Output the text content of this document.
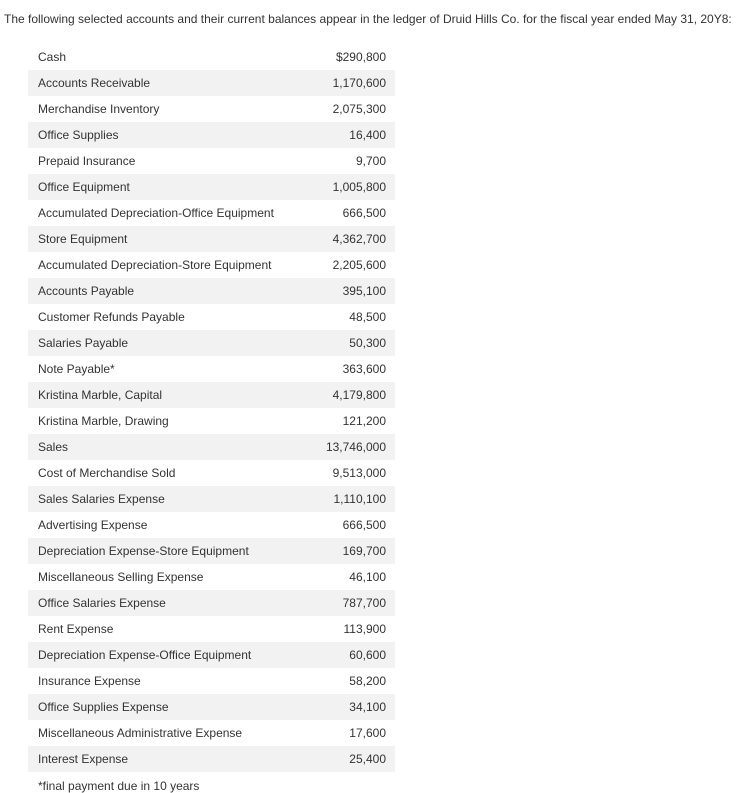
The following selected accounts and their current balances appear in the ledger of Druid Hills Co. for the fiscal year ended May 31, 20Y8:
Cash	$290,800
Accounts Receivable	1,170,600
Merchandise Inventory	2,075,300
Office Supplies	16,400
Prepaid Insurance	9,700
Office Equipment	1,005,800
Accumulated Depreciation-Office Equipment	666,500
Store Equipment	4,362,700
Accumulated Depreciation-Store Equipment	2,205,600
Accounts Payable	395,100
Customer Refunds Payable	48,500
Salaries Payable	50,300
Note Payable*	363,600
Kristina Marble, Capital	4,179,800
Kristina Marble, Drawing	121,200
Sales	13,746,000
Cost of Merchandise Sold	9,513,000
Sales Salaries Expense	1,110,100
Advertising Expense	666,500
Depreciation Expense-Store Equipment	169,700
Miscellaneous Selling Expense	46,100
Office Salaries Expense	787,700
Rent Expense	113,900
Depreciation Expense-Office Equipment	60,600
Insurance Expense	58,200
Office Supplies Expense	34,100
Miscellaneous Administrative Expense	17,600
Interest Expense	25,400
*final payment due in 10 years
